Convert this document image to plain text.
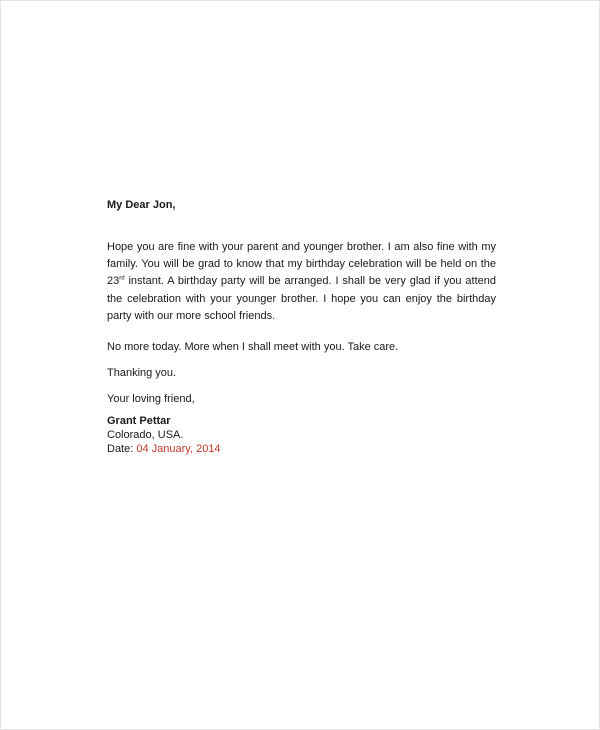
My Dear Jon,

Hope you are fine with your parent and younger brother. I am also fine with my family. You will be grad to know that my birthday celebration will be held on the 23rd instant. A birthday party will be arranged. I shall be very glad if you attend the celebration with your younger brother. I hope you can enjoy the birthday party with our more school friends.

No more today. More when I shall meet with you. Take care.

Thanking you.

Your loving friend,

Grant Pettar

Colorado, USA.

Date: 04 January, 2014
